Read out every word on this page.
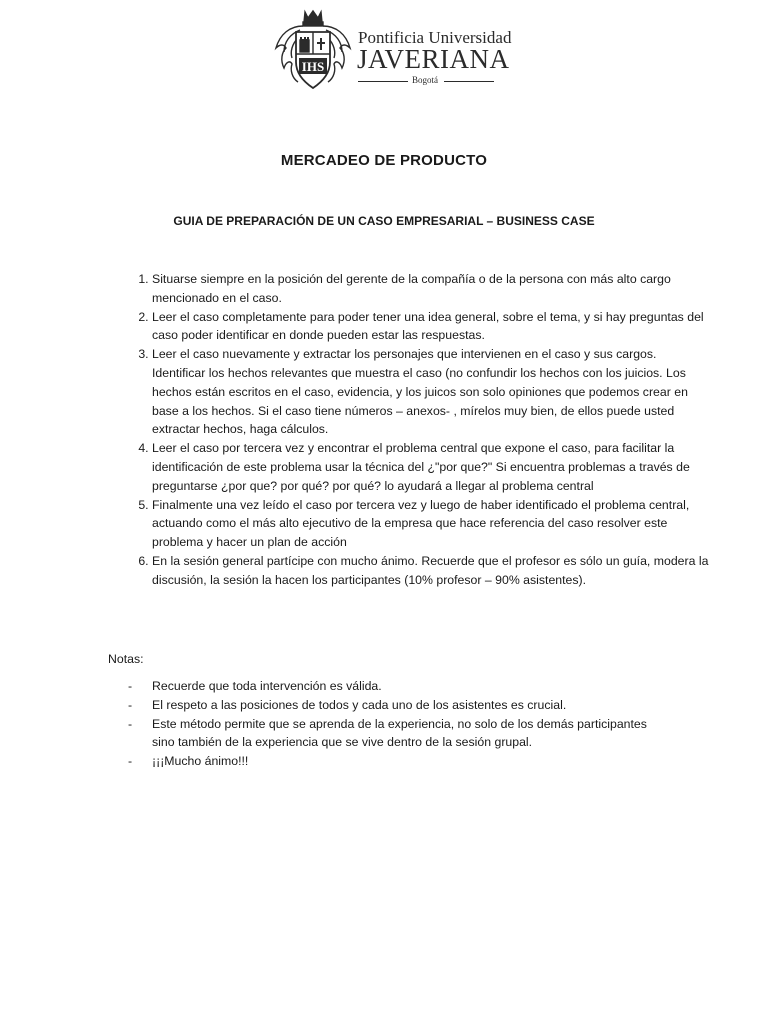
IHS
Pontificia Universidad
JAVERIANA
Bogotá
MERCADEO DE PRODUCTO
GUIA DE PREPARACIÓN DE UN CASO EMPRESARIAL – BUSINESS CASE
1. Situarse siempre en la posición del gerente de la compañía o de la persona con más alto cargo mencionado en el caso.
2. Leer el caso completamente para poder tener una idea general, sobre el tema, y si hay preguntas del caso poder identificar en donde pueden estar las respuestas.
3. Leer el caso nuevamente y extractar los personajes que intervienen en el caso y sus cargos. Identificar los hechos relevantes que muestra el caso (no confundir los hechos con los juicios. Los hechos están escritos en el caso, evidencia, y los juicos son solo opiniones que podemos crear en base a los hechos. Si el caso tiene números – anexos- , mírelos muy bien, de ellos puede usted extractar hechos, haga cálculos.
4. Leer el caso por tercera vez y encontrar el problema central que expone el caso, para facilitar la identificación de este problema usar la técnica del ¿"por que?" Si encuentra problemas a través de preguntarse ¿por que? por qué? por qué? lo ayudará a llegar al problema central
5. Finalmente una vez leído el caso por tercera vez y luego de haber identificado el problema central, actuando como el más alto ejecutivo de la empresa que hace referencia del caso resolver este problema y hacer un plan de acción
6. En la sesión general partícipe con mucho ánimo. Recuerde que el profesor es sólo un guía, modera la discusión, la sesión la hacen los participantes (10% profesor – 90% asistentes).
Notas:
- Recuerde que toda intervención es válida.
- El respeto a las posiciones de todos y cada uno de los asistentes es crucial.
- Este método permite que se aprenda de la experiencia, no solo de los demás participantes sino también de la experiencia que se vive dentro de la sesión grupal.
- ¡¡¡Mucho ánimo!!!
